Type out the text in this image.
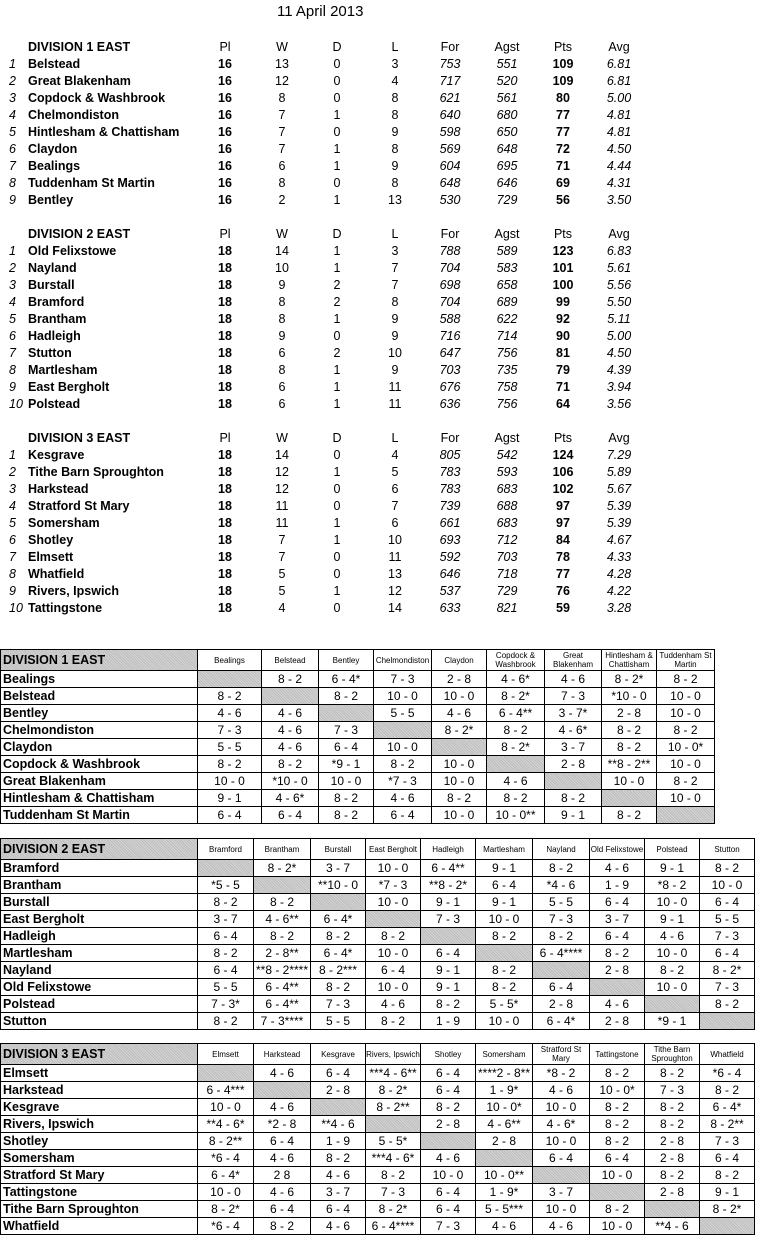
11 April 2013
DIVISION 1 EAST	Pl	W	D	L	For	Agst	Pts	Avg
1 Belstead	16	13	0	3	753	551	109	6.81
2 Great Blakenham	16	12	0	4	717	520	109	6.81
3 Copdock & Washbrook	16	8	0	8	621	561	80	5.00
4 Chelmondiston	16	7	1	8	640	680	77	4.81
5 Hintlesham & Chattisham	16	7	0	9	598	650	77	4.81
6 Claydon	16	7	1	8	569	648	72	4.50
7 Bealings	16	6	1	9	604	695	71	4.44
8 Tuddenham St Martin	16	8	0	8	648	646	69	4.31
9 Bentley	16	2	1	13	530	729	56	3.50
DIVISION 2 EAST	Pl	W	D	L	For	Agst	Pts	Avg
1 Old Felixstowe	18	14	1	3	788	589	123	6.83
2 Nayland	18	10	1	7	704	583	101	5.61
3 Burstall	18	9	2	7	698	658	100	5.56
4 Bramford	18	8	2	8	704	689	99	5.50
5 Brantham	18	8	1	9	588	622	92	5.11
6 Hadleigh	18	9	0	9	716	714	90	5.00
7 Stutton	18	6	2	10	647	756	81	4.50
8 Martlesham	18	8	1	9	703	735	79	4.39
9 East Bergholt	18	6	1	11	676	758	71	3.94
10 Polstead	18	6	1	11	636	756	64	3.56
DIVISION 3 EAST	Pl	W	D	L	For	Agst	Pts	Avg
1 Kesgrave	18	14	0	4	805	542	124	7.29
2 Tithe Barn Sproughton	18	12	1	5	783	593	106	5.89
3 Harkstead	18	12	0	6	783	683	102	5.67
4 Stratford St Mary	18	11	0	7	739	688	97	5.39
5 Somersham	18	11	1	6	661	683	97	5.39
6 Shotley	18	7	1	10	693	712	84	4.67
7 Elmsett	18	7	0	11	592	703	78	4.33
8 Whatfield	18	5	0	13	646	718	77	4.28
9 Rivers, Ipswich	18	5	1	12	537	729	76	4.22
10 Tattingstone	18	4	0	14	633	821	59	3.28
DIVISION 1 EAST	Bealings	Belstead	Bentley	Chelmondiston	Claydon	Copdock & Washbrook	Great Blakenham	Hintlesham & Chattisham	Tuddenham St Martin
Bealings		8 - 2	6 - 4*	7 - 3	2 - 8	4 - 6*	4 - 6	8 - 2*	8 - 2
Belstead	8 - 2		8 - 2	10 - 0	10 - 0	8 - 2*	7 - 3	*10 - 0	10 - 0
Bentley	4 - 6	4 - 6		5 - 5	4 - 6	6 - 4**	3 - 7*	2 - 8	10 - 0
Chelmondiston	7 - 3	4 - 6	7 - 3		8 - 2*	8 - 2	4 - 6*	8 - 2	8 - 2
Claydon	5 - 5	4 - 6	6 - 4	10 - 0		8 - 2*	3 - 7	8 - 2	10 - 0*
Copdock & Washbrook	8 - 2	8 - 2	*9 - 1	8 - 2	10 - 0		2 - 8	**8 - 2**	10 - 0
Great Blakenham	10 - 0	*10 - 0	10 - 0	*7 - 3	10 - 0	4 - 6		10 - 0	8 - 2
Hintlesham & Chattisham	9 - 1	4 - 6*	8 - 2	4 - 6	8 - 2	8 - 2	8 - 2		10 - 0
Tuddenham St Martin	6 - 4	6 - 4	8 - 2	6 - 4	10 - 0	10 - 0**	9 - 1	8 - 2	
DIVISION 2 EAST	Bramford	Brantham	Burstall	East Bergholt	Hadleigh	Martlesham	Nayland	Old Felixstowe	Polstead	Stutton
Bramford		8 - 2*	3 - 7	10 - 0	6 - 4**	9 - 1	8 - 2	4 - 6	9 - 1	8 - 2
Brantham	*5 - 5		**10 - 0	*7 - 3	**8 - 2*	6 - 4	*4 - 6	1 - 9	*8 - 2	10 - 0
Burstall	8 - 2	8 - 2		10 - 0	9 - 1	9 - 1	5 - 5	6 - 4	10 - 0	6 - 4
East Bergholt	3 - 7	4 - 6**	6 - 4*		7 - 3	10 - 0	7 - 3	3 - 7	9 - 1	5 - 5
Hadleigh	6 - 4	8 - 2	8 - 2	8 - 2		8 - 2	8 - 2	6 - 4	4 - 6	7 - 3
Martlesham	8 - 2	2 - 8**	6 - 4*	10 - 0	6 - 4		6 - 4****	8 - 2	10 - 0	6 - 4
Nayland	6 - 4	**8 - 2****	8 - 2***	6 - 4	9 - 1	8 - 2		2 - 8	8 - 2	8 - 2*
Old Felixstowe	5 - 5	6 - 4**	8 - 2	10 - 0	9 - 1	8 - 2	6 - 4		10 - 0	7 - 3
Polstead	7 - 3*	6 - 4**	7 - 3	4 - 6	8 - 2	5 - 5*	2 - 8	4 - 6		8 - 2
Stutton	8 - 2	7 - 3****	5 - 5	8 - 2	1 - 9	10 - 0	6 - 4*	2 - 8	*9 - 1	
DIVISION 3 EAST	Elmsett	Harkstead	Kesgrave	Rivers, Ipswich	Shotley	Somersham	Stratford St Mary	Tattingstone	Tithe Barn Sproughton	Whatfield
Elmsett		4 - 6	6 - 4	***4 - 6**	6 - 4	****2 - 8**	*8 - 2	8 - 2	8 - 2	*6 - 4
Harkstead	6 - 4***		2 - 8	8 - 2*	6 - 4	1 - 9*	4 - 6	10 - 0*	7 - 3	8 - 2
Kesgrave	10 - 0	4 - 6		8 - 2**	8 - 2	10 - 0*	10 - 0	8 - 2	8 - 2	6 - 4*
Rivers, Ipswich	**4 - 6*	*2 - 8	**4 - 6		2 - 8	4 - 6**	4 - 6*	8 - 2	8 - 2	8 - 2**
Shotley	8 - 2**	6 - 4	1 - 9	5 - 5*		2 - 8	10 - 0	8 - 2	2 - 8	7 - 3
Somersham	*6 - 4	4 - 6	8 - 2	***4 - 6*	4 - 6		6 - 4	6 - 4	2 - 8	6 - 4
Stratford St Mary	6 - 4*	2 8	4 - 6	8 - 2	10 - 0	10 - 0**		10 - 0	8 - 2	8 - 2
Tattingstone	10 - 0	4 - 6	3 - 7	7 - 3	6 - 4	1 - 9*	3 - 7		2 - 8	9 - 1
Tithe Barn Sproughton	8 - 2*	6 - 4	6 - 4	8 - 2*	6 - 4	5 - 5***	10 - 0	8 - 2		8 - 2*
Whatfield	*6 - 4	8 - 2	4 - 6	6 - 4****	7 - 3	4 - 6	4 - 6	10 - 0	**4 - 6	
